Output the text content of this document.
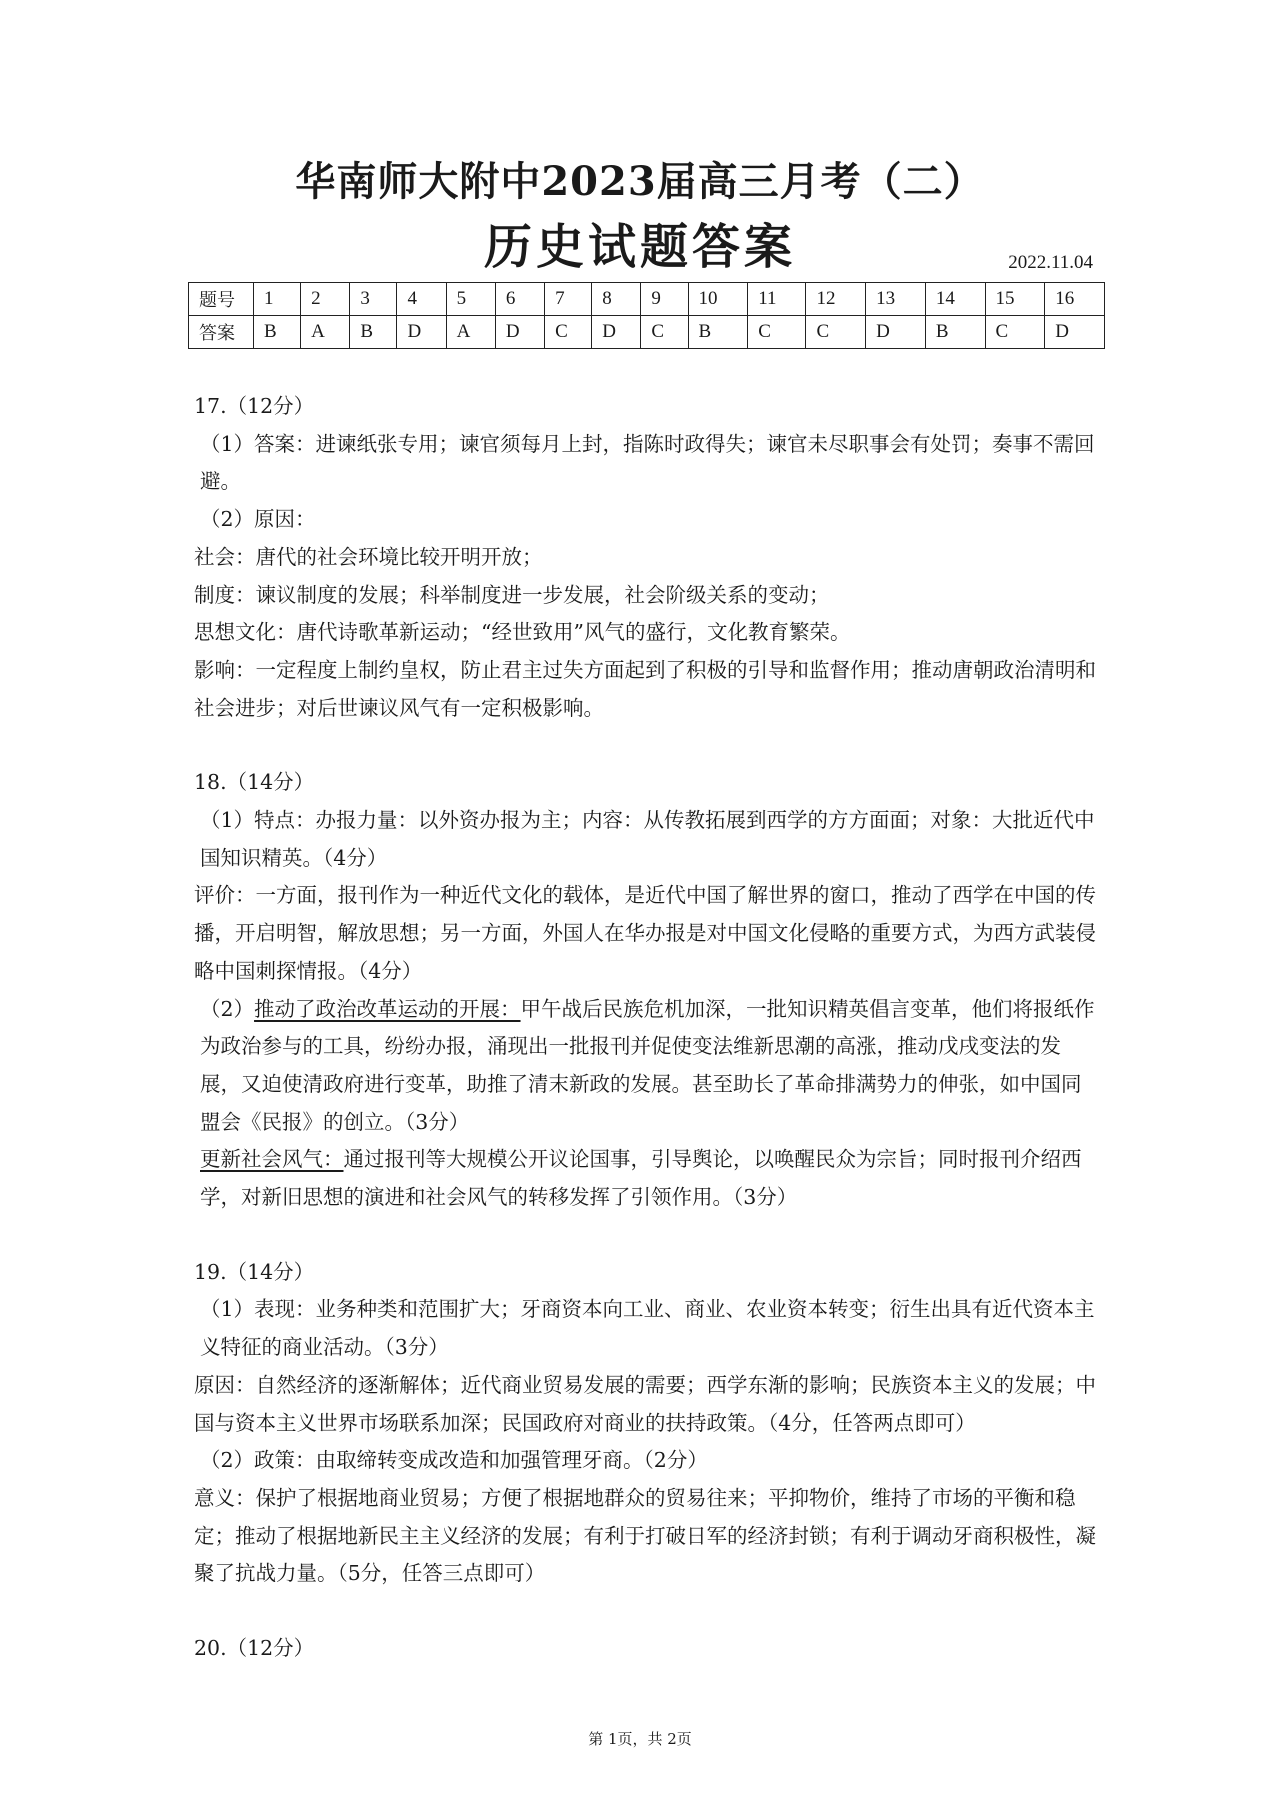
华南师大附中2023届高三月考（二）
历史试题答案	2022.11.04
题号	1	2	3	4	5	6	7	8	9	10	11	12	13	14	15	16
答案	B	A	B	D	A	D	C	D	C	B	C	C	D	B	C	D

17.（12分）

（1）答案：进谏纸张专用；谏官须每月上封，指陈时政得失；谏官未尽职事会有处罚；奏事不需回避。

（2）原因：

社会：唐代的社会环境比较开明开放；

制度：谏议制度的发展；科举制度进一步发展，社会阶级关系的变动；

思想文化：唐代诗歌革新运动；“经世致用”风气的盛行，文化教育繁荣。

影响：一定程度上制约皇权，防止君主过失方面起到了积极的引导和监督作用；推动唐朝政治清明和社会进步；对后世谏议风气有一定积极影响。

18.（14分）

（1）特点：办报力量：以外资办报为主；内容：从传教拓展到西学的方方面面；对象：大批近代中国知识精英。（4分）

评价：一方面，报刊作为一种近代文化的载体，是近代中国了解世界的窗口，推动了西学在中国的传播，开启明智，解放思想；另一方面，外国人在华办报是对中国文化侵略的重要方式，为西方武装侵略中国刺探情报。（4分）

（2）推动了政治改革运动的开展：甲午战后民族危机加深，一批知识精英倡言变革，他们将报纸作为政治参与的工具，纷纷办报，涌现出一批报刊并促使变法维新思潮的高涨，推动戊戌变法的发展，又迫使清政府进行变革，助推了清末新政的发展。甚至助长了革命排满势力的伸张，如中国同盟会《民报》的创立。（3分）

更新社会风气：通过报刊等大规模公开议论国事，引导舆论，以唤醒民众为宗旨；同时报刊介绍西学，对新旧思想的演进和社会风气的转移发挥了引领作用。（3分）

19.（14分）

（1）表现：业务种类和范围扩大；牙商资本向工业、商业、农业资本转变；衍生出具有近代资本主义特征的商业活动。（3分）

原因：自然经济的逐渐解体；近代商业贸易发展的需要；西学东渐的影响；民族资本主义的发展；中国与资本主义世界市场联系加深；民国政府对商业的扶持政策。（4分，任答两点即可）

（2）政策：由取缔转变成改造和加强管理牙商。（2分）

意义：保护了根据地商业贸易；方便了根据地群众的贸易往来；平抑物价，维持了市场的平衡和稳定；推动了根据地新民主主义经济的发展；有利于打破日军的经济封锁；有利于调动牙商积极性，凝聚了抗战力量。（5分，任答三点即可）

20.（12分）

第 1页，共 2页
